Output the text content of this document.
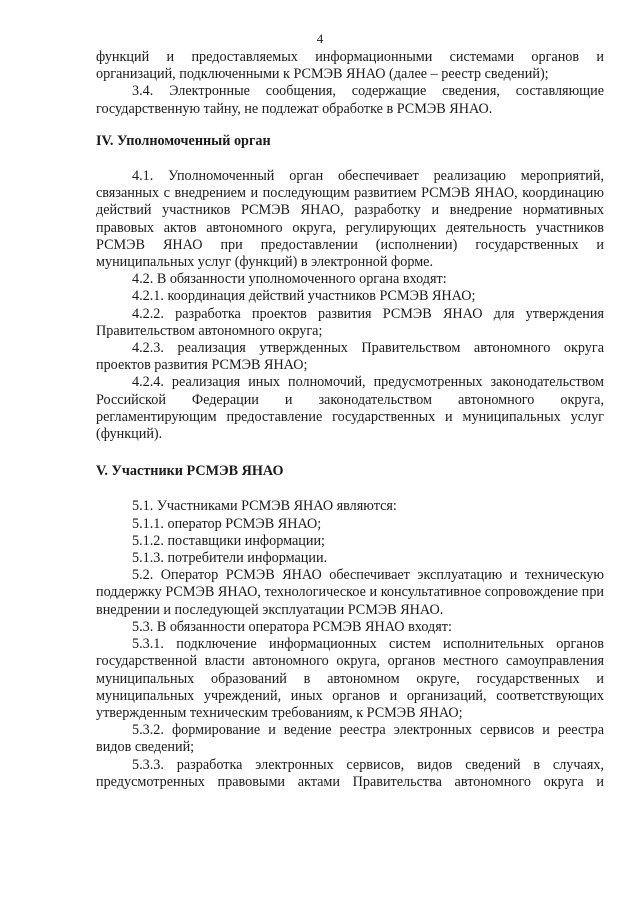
4

функций и предоставляемых информационными системами органов и организаций, подключенными к РСМЭВ ЯНАО (далее – реестр сведений);

3.4. Электронные сообщения, содержащие сведения, составляющие государственную тайну, не подлежат обработке в РСМЭВ ЯНАО.

IV. Уполномоченный орган

4.1. Уполномоченный орган обеспечивает реализацию мероприятий, связанных с внедрением и последующим развитием РСМЭВ ЯНАО, координацию действий участников РСМЭВ ЯНАО, разработку и внедрение нормативных правовых актов автономного округа, регулирующих деятельность участников РСМЭВ ЯНАО при предоставлении (исполнении) государственных и муниципальных услуг (функций) в электронной форме.

4.2. В обязанности уполномоченного органа входят:

4.2.1. координация действий участников РСМЭВ ЯНАО;

4.2.2. разработка проектов развития РСМЭВ ЯНАО для утверждения Правительством автономного округа;

4.2.3. реализация утвержденных Правительством автономного округа проектов развития РСМЭВ ЯНАО;

4.2.4. реализация иных полномочий, предусмотренных законодательством Российской Федерации и законодательством автономного округа, регламентирующим предоставление государственных и муниципальных услуг (функций).

V. Участники РСМЭВ ЯНАО

5.1. Участниками РСМЭВ ЯНАО являются:

5.1.1. оператор РСМЭВ ЯНАО;

5.1.2. поставщики информации;

5.1.3. потребители информации.

5.2. Оператор РСМЭВ ЯНАО обеспечивает эксплуатацию и техническую поддержку РСМЭВ ЯНАО, технологическое и консультативное сопровождение при внедрении и последующей эксплуатации РСМЭВ ЯНАО.

5.3. В обязанности оператора РСМЭВ ЯНАО входят:

5.3.1. подключение информационных систем исполнительных органов государственной власти автономного округа, органов местного самоуправления муниципальных образований в автономном округе, государственных и муниципальных учреждений, иных органов и организаций, соответствующих утвержденным техническим требованиям, к РСМЭВ ЯНАО;

5.3.2. формирование и ведение реестра электронных сервисов и реестра видов сведений;

5.3.3. разработка электронных сервисов, видов сведений в случаях, предусмотренных правовыми актами Правительства автономного округа и
